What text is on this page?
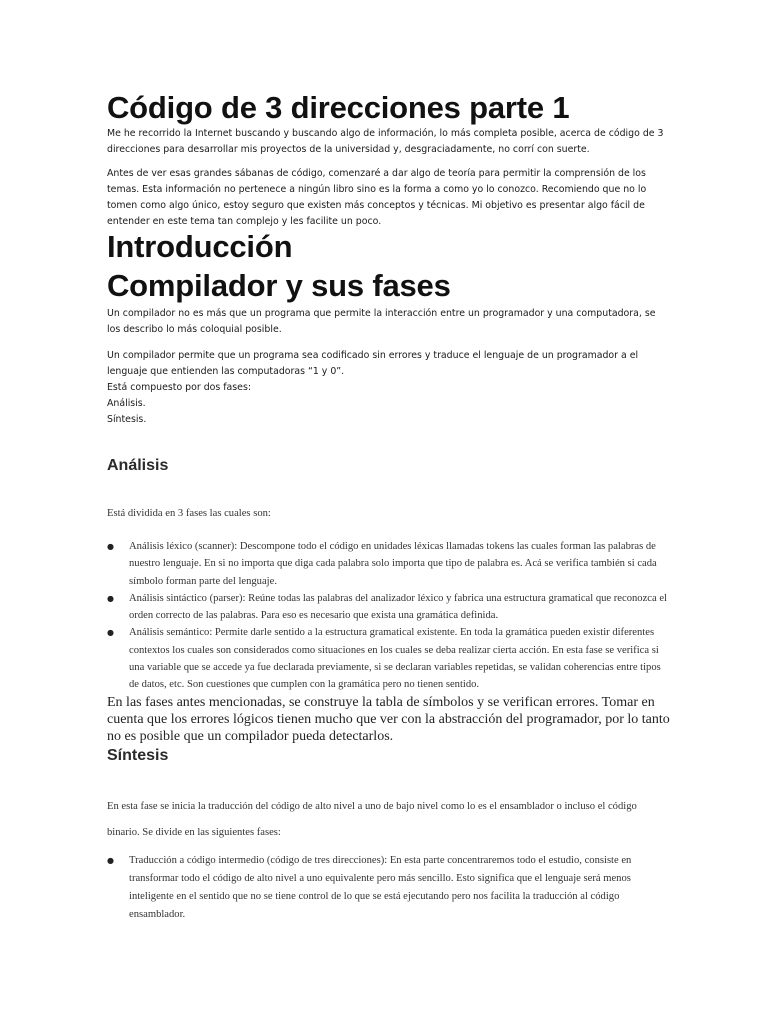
Código de 3 direcciones parte 1

Me he recorrido la Internet buscando y buscando algo de información, lo más completa posible, acerca de código de 3 direcciones para desarrollar mis proyectos de la universidad y, desgraciadamente, no corrí con suerte.

Antes de ver esas grandes sábanas de código, comenzaré a dar algo de teoría para permitir la comprensión de los temas. Esta información no pertenece a ningún libro sino es la forma a como yo lo conozco. Recomiendo que no lo tomen como algo único, estoy seguro que existen más conceptos y técnicas. Mi objetivo es presentar algo fácil de entender en este tema tan complejo y les facilite un poco.

Introducción
Compilador y sus fases

Un compilador no es más que un programa que permite la interacción entre un programador y una computadora, se los describo lo más coloquial posible.

Un compilador permite que un programa sea codificado sin errores y traduce el lenguaje de un programador a el lenguaje que entienden las computadoras “1 y 0”.
Está compuesto por dos fases:
Análisis.
Síntesis.

Análisis

Está dividida en 3 fases las cuales son:

● Análisis léxico (scanner): Descompone todo el código en unidades léxicas llamadas tokens las cuales forman las palabras de nuestro lenguaje. En si no importa que diga cada palabra solo importa que tipo de palabra es. Acá se verifica también si cada símbolo forman parte del lenguaje.
● Análisis sintáctico (parser): Reúne todas las palabras del analizador léxico y fabrica una estructura gramatical que reconozca el orden correcto de las palabras. Para eso es necesario que exista una gramática definida.
● Análisis semántico: Permite darle sentido a la estructura gramatical existente. En toda la gramática pueden existir diferentes contextos los cuales son considerados como situaciones en los cuales se deba realizar cierta acción. En esta fase se verifica si una variable que se accede ya fue declarada previamente, si se declaran variables repetidas, se validan coherencias entre tipos de datos, etc. Son cuestiones que cumplen con la gramática pero no tienen sentido.

En las fases antes mencionadas, se construye la tabla de símbolos y se verifican errores. Tomar en cuenta que los errores lógicos tienen mucho que ver con la abstracción del programador, por lo tanto no es posible que un compilador pueda detectarlos.

Síntesis

En esta fase se inicia la traducción del código de alto nivel a uno de bajo nivel como lo es el ensamblador o incluso el código binario. Se divide en las siguientes fases:

● Traducción a código intermedio (código de tres direcciones): En esta parte concentraremos todo el estudio, consiste en transformar todo el código de alto nivel a uno equivalente pero más sencillo. Esto significa que el lenguaje será menos inteligente en el sentido que no se tiene control de lo que se está ejecutando pero nos facilita la traducción al código ensamblador.
